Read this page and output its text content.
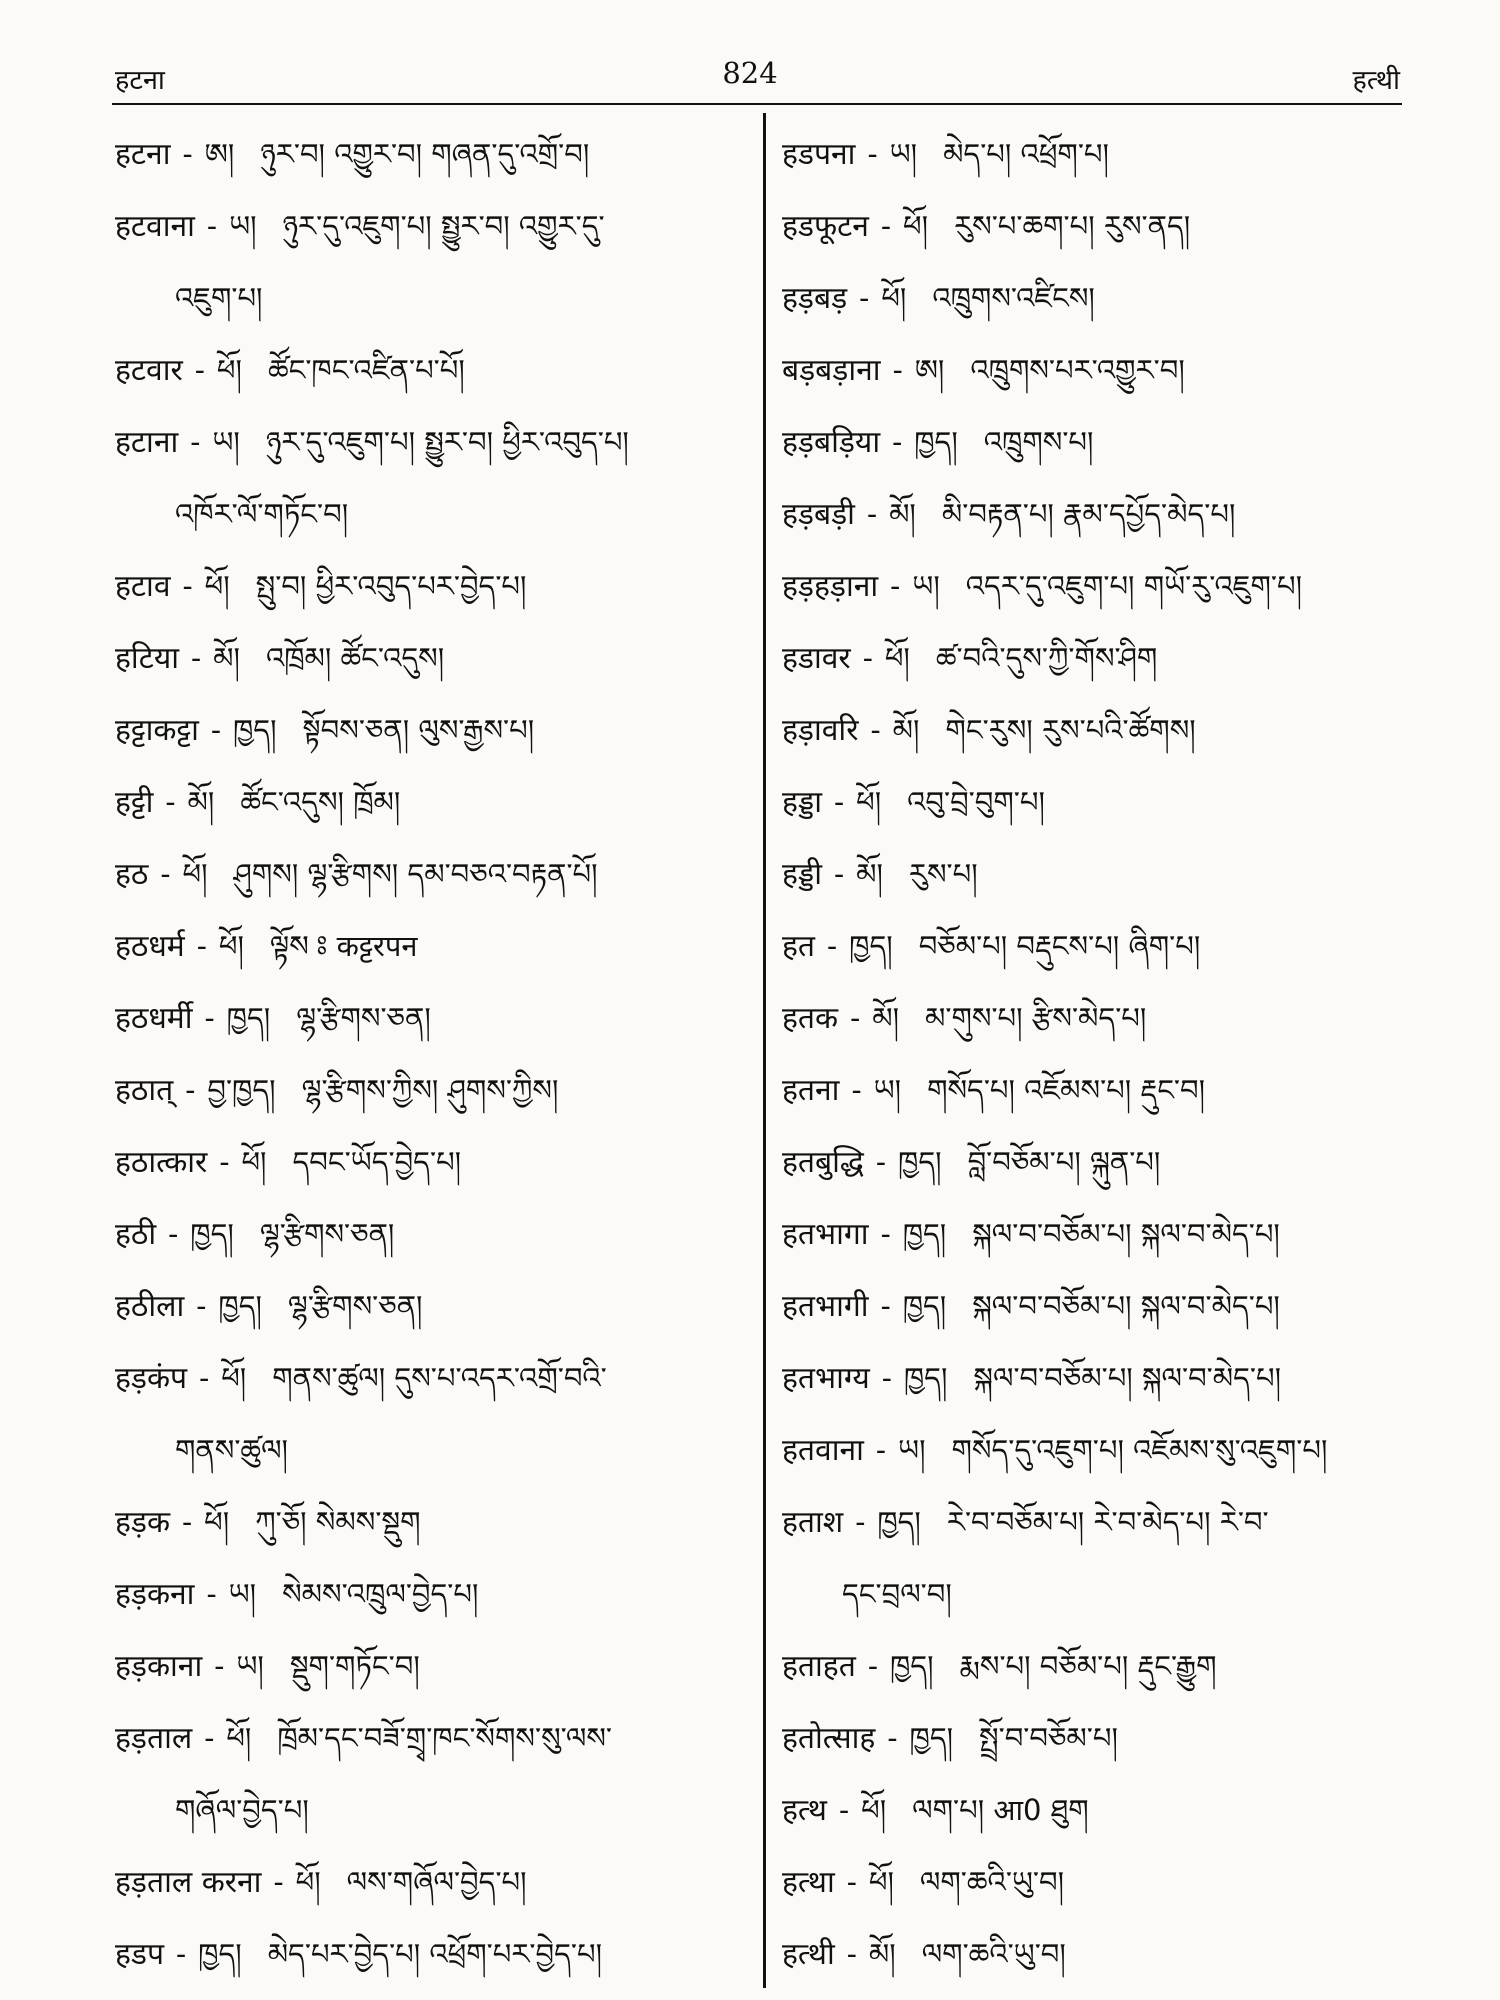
हटना	824	हत्थी
हटना - ཨ། ཉུར་བ། འགྱུར་བ། གཞན་དུ་འགྲོ་བ།
हटवाना - ཡ། ཉུར་དུ་འཇུག་པ། སྤྱུར་བ། འགྱུར་དུ་
འཇུག་པ།
हटवार - ཕོ། ཚོང་ཁང་འཛིན་པ་པོ།
हटाना - ཡ། ཉུར་དུ་འཇུག་པ། སྤྱུར་བ། ཕྱིར་འབུད་པ།
འཁོར་ལོ་གཏོང་བ།
हटाव - ཕོ། སྤུ་བ། ཕྱིར་འབུད་པར་བྱེད་པ།
हटिया - མོ། འཁྲོམ། ཚོང་འདུས།
हट्टाकट्टा - ཁྱད། སྟོབས་ཅན། ལུས་རྒྱས་པ།
हट्टी - མོ། ཚོང་འདུས། ཁྲོམ།
हठ - ཕོ། ཤུགས། ལྷ་རྩིགས། དམ་བཅའ་བརྟན་པོ།
हठधर्म - ཕོ། ལྟོས ཿ कट्टरपन
हठधर्मी - ཁྱད། ལྷ་རྩིགས་ཅན།
हठात् - བྱ་ཁྱད། ལྷ་རྩིགས་ཀྱིས། ཤུགས་ཀྱིས།
हठात्कार - ཕོ། དབང་ཡོད་བྱེད་པ།
हठी - ཁྱད། ལྷ་རྩིགས་ཅན།
हठीला - ཁྱད། ལྷ་རྩིགས་ཅན།
हड़कंप - ཕོ། གནས་ཚུལ། དུས་པ་འདར་འགྲོ་བའི་
གནས་ཚུལ།
हड़क - ཕོ། ཀུ་ཅོ། སེམས་སྡུག
हड़कना - ཡ། སེམས་འཁྲུལ་བྱེད་པ།
हड़काना - ཡ། སྡུག་གཏོང་བ།
हड़ताल - ཕོ། ཁྲོམ་དང་བཟོ་གྲྭ་ཁང་སོགས་སུ་ལས་
གཞོལ་བྱེད་པ།
हड़ताल करना - ཕོ། ལས་གཞོལ་བྱེད་པ།
हडप - ཁྱད། མེད་པར་བྱེད་པ། འཕྲོག་པར་བྱེད་པ།
हडपना - ཡ། མེད་པ། འཕྲོག་པ།
हडफूटन - ཕོ། རུས་པ་ཆག་པ། རུས་ནད།
हड़बड़ - ཕོ། འཁྲུགས་འཛིངས།
बड़बड़ाना - ཨ། འཁྲུགས་པར་འགྱུར་བ།
हड़बड़िया - ཁྱད། འཁྲུགས་པ།
हड़बड़ी - མོ། མི་བརྟན་པ། རྣམ་དཔྱོད་མེད་པ།
हड़हड़ाना - ཡ། འདར་དུ་འཇུག་པ། གཡོ་རུ་འཇུག་པ།
हडावर - ཕོ། ཚ་བའི་དུས་ཀྱི་གོས་ཤིག
हड़ावरि - མོ། གེང་རུས། རུས་པའི་ཚོགས།
हड्डा - ཕོ། འབུ་བྲེ་བུག་པ།
हड्डी - མོ། རུས་པ།
हत - ཁྱད། བཅོམ་པ། བརྡུངས་པ། ཞིག་པ།
हतक - མོ། མ་གུས་པ། རྩིས་མེད་པ།
हतना - ཡ། གསོད་པ། འཇོམས་པ། རྡུང་བ།
हतबुद्धि - ཁྱད། བློ་བཅོམ་པ། ལྐུན་པ།
हतभागा - ཁྱད། སྐལ་བ་བཅོམ་པ། སྐལ་བ་མེད་པ།
हतभागी - ཁྱད། སྐལ་བ་བཅོམ་པ། སྐལ་བ་མེད་པ།
हतभाग्य - ཁྱད། སྐལ་བ་བཅོམ་པ། སྐལ་བ་མེད་པ།
हतवाना - ཡ། གསོད་དུ་འཇུག་པ། འཇོམས་སུ་འཇུག་པ།
हताश - ཁྱད། རེ་བ་བཅོམ་པ། རེ་བ་མེད་པ། རེ་བ་
དང་བྲལ་བ།
हताहत - ཁྱད། རྨས་པ། བཅོམ་པ། རྡུང་རྒྱུག
हतोत्साह - ཁྱད། སྤྲོ་བ་བཅོམ་པ།
हत्थ - ཕོ། ལག་པ། आ0 ཐུག
हत्था - ཕོ། ལག་ཆའི་ཡུ་བ།
हत्थी - མོ། ལག་ཆའི་ཡུ་བ།
